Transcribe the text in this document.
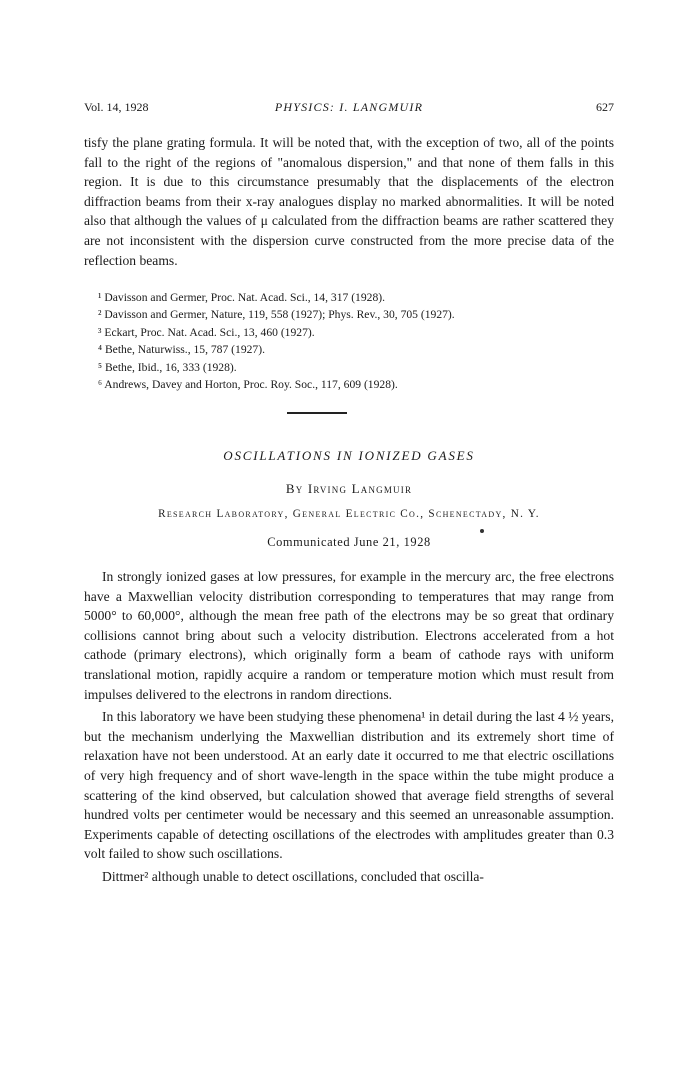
Vol. 14, 1928	PHYSICS: I. LANGMUIR	627

tisfy the plane grating formula. It will be noted that, with the exception of two, all of the points fall to the right of the regions of "anomalous dispersion," and that none of them falls in this region. It is due to this circumstance presumably that the displacements of the electron diffraction beams from their x-ray analogues display no marked abnormalities. It will be noted also that although the values of μ calculated from the diffraction beams are rather scattered they are not inconsistent with the dispersion curve constructed from the more precise data of the reflection beams.

¹ Davisson and Germer, Proc. Nat. Acad. Sci., 14, 317 (1928).
² Davisson and Germer, Nature, 119, 558 (1927); Phys. Rev., 30, 705 (1927).
³ Eckart, Proc. Nat. Acad. Sci., 13, 460 (1927).
⁴ Bethe, Naturwiss., 15, 787 (1927).
⁵ Bethe, Ibid., 16, 333 (1928).
⁶ Andrews, Davey and Horton, Proc. Roy. Soc., 117, 609 (1928).
OSCILLATIONS IN IONIZED GASES
By Irving Langmuir
Research Laboratory, General Electric Co., Schenectady, N. Y.
Communicated June 21, 1928

In strongly ionized gases at low pressures, for example in the mercury arc, the free electrons have a Maxwellian velocity distribution corresponding to temperatures that may range from 5000° to 60,000°, although the mean free path of the electrons may be so great that ordinary collisions cannot bring about such a velocity distribution. Electrons accelerated from a hot cathode (primary electrons), which originally form a beam of cathode rays with uniform translational motion, rapidly acquire a random or temperature motion which must result from impulses delivered to the electrons in random directions.

In this laboratory we have been studying these phenomena¹ in detail during the last 4 ½ years, but the mechanism underlying the Maxwellian distribution and its extremely short time of relaxation have not been understood. At an early date it occurred to me that electric oscillations of very high frequency and of short wave-length in the space within the tube might produce a scattering of the kind observed, but calculation showed that average field strengths of several hundred volts per centimeter would be necessary and this seemed an unreasonable assumption. Experiments capable of detecting oscillations of the electrodes with amplitudes greater than 0.3 volt failed to show such oscillations.

Dittmer² although unable to detect oscillations, concluded that oscilla-
